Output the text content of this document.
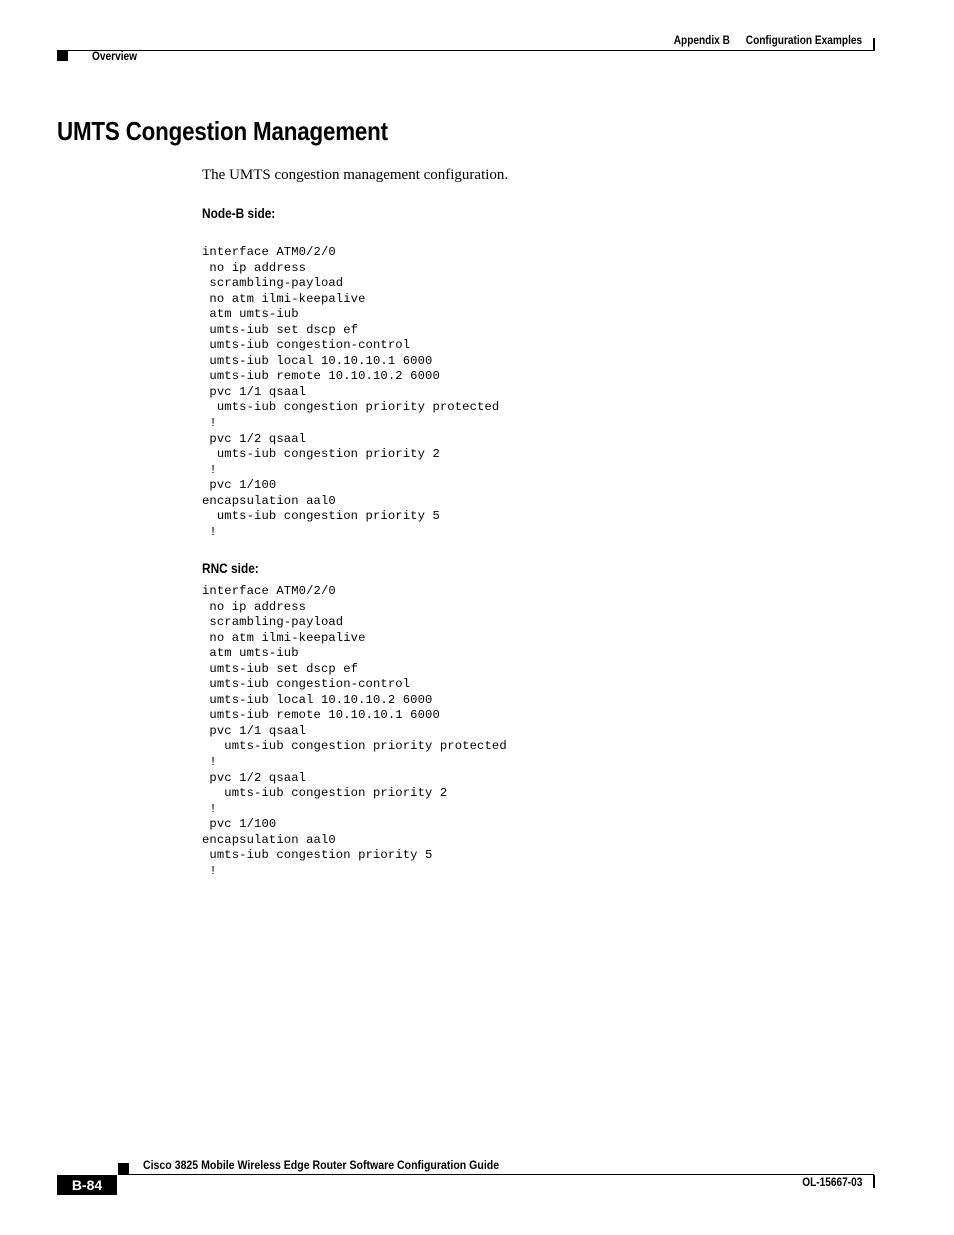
Appendix B Configuration Examples
Overview
UMTS Congestion Management
The UMTS congestion management configuration.
Node-B side:
interface ATM0/2/0
no ip address
scrambling-payload
no atm ilmi-keepalive
atm umts-iub
umts-iub set dscp ef
umts-iub congestion-control
umts-iub local 10.10.10.1 6000
umts-iub remote 10.10.10.2 6000
pvc 1/1 qsaal
umts-iub congestion priority protected
!
pvc 1/2 qsaal
umts-iub congestion priority 2
!
pvc 1/100
encapsulation aal0
umts-iub congestion priority 5
!
RNC side:
interface ATM0/2/0
no ip address
scrambling-payload
no atm ilmi-keepalive
atm umts-iub
umts-iub set dscp ef
umts-iub congestion-control
umts-iub local 10.10.10.2 6000
umts-iub remote 10.10.10.1 6000
pvc 1/1 qsaal
umts-iub congestion priority protected
!
pvc 1/2 qsaal
umts-iub congestion priority 2
!
pvc 1/100
encapsulation aal0
umts-iub congestion priority 5
!
Cisco 3825 Mobile Wireless Edge Router Software Configuration Guide
B-84	OL-15667-03
